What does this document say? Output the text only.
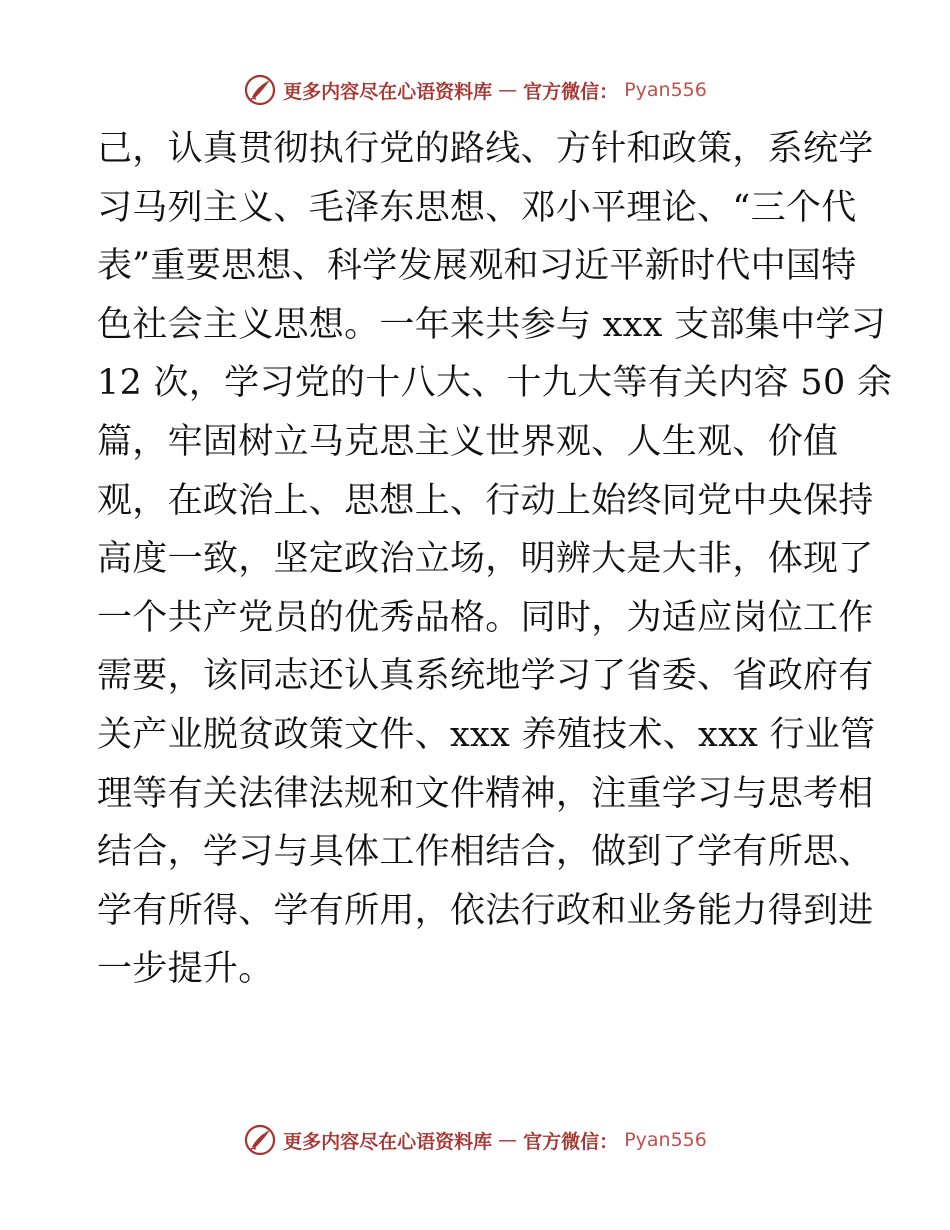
更多内容尽在心语资料库 — 官方微信： Pyan556
己，认真贯彻执行党的路线、方针和政策，系统学
习马列主义、毛泽东思想、邓小平理论、“三个代
表”重要思想、科学发展观和习近平新时代中国特
色社会主义思想。一年来共参与 xxx 支部集中学习
12 次，学习党的十八大、十九大等有关内容 50 余
篇，牢固树立马克思主义世界观、人生观、价值
观，在政治上、思想上、行动上始终同党中央保持
高度一致，坚定政治立场，明辨大是大非，体现了
一个共产党员的优秀品格。同时，为适应岗位工作
需要，该同志还认真系统地学习了省委、省政府有
关产业脱贫政策文件、xxx 养殖技术、xxx 行业管
理等有关法律法规和文件精神，注重学习与思考相
结合，学习与具体工作相结合，做到了学有所思、
学有所得、学有所用，依法行政和业务能力得到进
一步提升。
更多内容尽在心语资料库 — 官方微信： Pyan556
